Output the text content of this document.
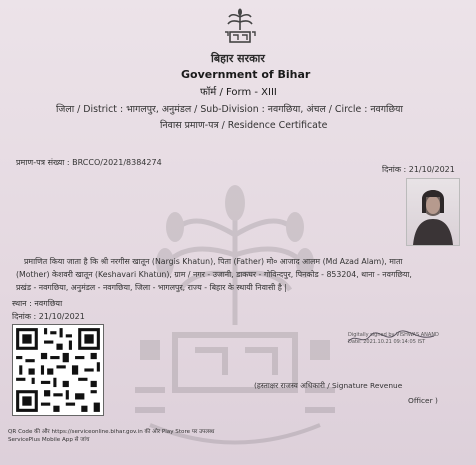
बिहार सरकार
Government of Bihar
फॉर्म / Form - XIII
जिला / District : भागलपुर, अनुमंडल / Sub-Division : नवगछिया, अंचल / Circle : नवगछिया
निवास प्रमाण-पत्र / Residence Certificate
प्रमाण-पत्र संख्या : BRCCO/2021/8384274
दिनांक : 21/10/2021
प्रमाणित किया जाता है कि श्री नरगीस खातून (Nargis Khatun), पिता (Father) मो० आजाद आलम (Md Azad Alam), माता
(Mother) केशवरी खातून (Keshavari Khatun), ग्राम / नगर - उजानी, डाकघर - गोविन्दपुर, पिनकोड - 853204, थाना - नवगछिया,
प्रखंड - नवगछिया, अनुमंडल - नवगछिया, जिला - भागलपुर, राज्य - बिहार के स्थायी निवासी है |
स्थान : नवगछिया
दिनांक : 21/10/2021
Digitally signed by VISHWAS ANAND
Date: 2021.10.21 09:14:05 IST
(हस्ताक्षर राजस्व अधिकारी / Signature Revenue
Officer )
QR Code की और https://serviceonline.bihar.gov.in की ओर Play Store पर उपलब्ध
ServicePlus Mobile App से जांच
